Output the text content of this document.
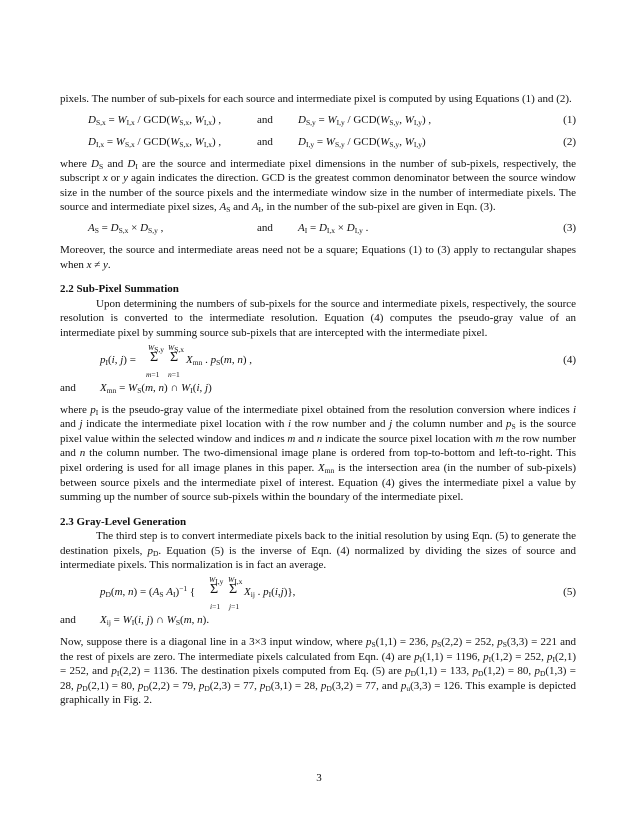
pixels. The number of sub-pixels for each source and intermediate pixel is computed by using Equations (1) and (2).

$D_{S,x} = W_{I,x} / GCD(W_{S,x}$, $W_{I,x}$) ,	and $D_{S,y} = W_{I,y} / GCD(W_{S,y}$, $W_{I,y}$) ,	(1)
$D_{I,x} = W_{S,x} / GCD(W_{S,x}$, $W_{I,x}$) ,	and $D_{I,y} = W_{S,y} / GCD(W_{S,y}$, $W_{I,y}$)	(2)

where $D_S$ and $D_I$ are the source and intermediate pixel dimensions in the number of sub-pixels, respectively, the subscript x or y again indicates the direction. GCD is the greatest common denominator between the source window size in the number of the source pixels and the intermediate window size in the number of intermediate pixels. The source and intermediate pixel sizes, $A_S$ and $A_I$, in the number of the sub-pixel are given in Eqn. (3).

$A_S = D_{S,x} \times D_{S,y}$ ,	and $A_I = D_{I,x} \times D_{I,y}$ .	(3)

Moreover, the source and intermediate areas need not be a square; Equations (1) to (3) apply to rectangular shapes when x ≠ y.

2.2 Sub-Pixel Summation

Upon determining the numbers of sub-pixels for the source and intermediate pixels, respectively, the source resolution is converted to the intermediate resolution. Equation (4) computes the pseudo-gray value of an intermediate pixel by summing source sub-pixels that are intercepted with the intermediate pixel.

$p_I(i$, j) =
$W_{S,y}$ $W_{S,x}$
Σ Σ
m=1 n=1
$X_{mn}$ . $p_S(m$, n) ,	(4)
and $X_{mn} = W_S(m$, n) ∩ $W_I(i$, j)

where $p_I$ is the pseudo-gray value of the intermediate pixel obtained from the resolution conversion where indices i and j indicate the intermediate pixel location with i the row number and j the column number and $p_S$ is the source pixel value within the selected window and indices m and n indicate the source pixel location with m the row number and n the column number. The two-dimensional image plane is ordered from top-to-bottom and left-to-right. This pixel ordering is used for all image planes in this paper. $X_{mn}$ is the intersection area (in the number of sub-pixels) between source pixels and the intermediate pixel of interest. Equation (4) gives the intermediate pixel a value by summing up the number of source sub-pixels within the boundary of the intermediate pixel.

2.3 Gray-Level Generation

The third step is to convert intermediate pixels back to the initial resolution by using Eqn. (5) to generate the destination pixels, $p_D$. Equation (5) is the inverse of Eqn. (4) normalized by dividing the sizes of source and intermediate pixels. This normalization is in fact an average.

$p_D(m$, $n) = (A_S$ $A_I)^{-1}$ {
$W_{I,y}$ $W_{I,x}$
Σ Σ
i=1 j=1
$X_{ij}$ . $p_I(i,j)$},	(5)
and $X_{ij} = W_I(i$, j) ∩ $W_S(m$, n).

Now, suppose there is a diagonal line in a 3×3 input window, where $p_S(1,1) = 236$, $p_S(2,2) = 252$, $p_S(3,3) = 221$ and the rest of pixels are zero. The intermediate pixels calculated from Eqn. (4) are $p_I(1,1) = 1196$, $p_I(1,2) = 252$, $p_I(2,1) = 252$, and $p_I(2,2) = 1136$. The destination pixels computed from Eq. (5) are $p_D(1,1) = 133$, $p_D(1,2) = 80$, $p_D(1,3) = 28$, $p_D(2,1) = 80$, $p_D(2,2) = 79$, $p_D(2,3) = 77$, $p_D(3,1) = 28$, $p_D(3,2) = 77$, and $p_u(3,3) = 126$. This example is depicted graphically in Fig. 2.

3
